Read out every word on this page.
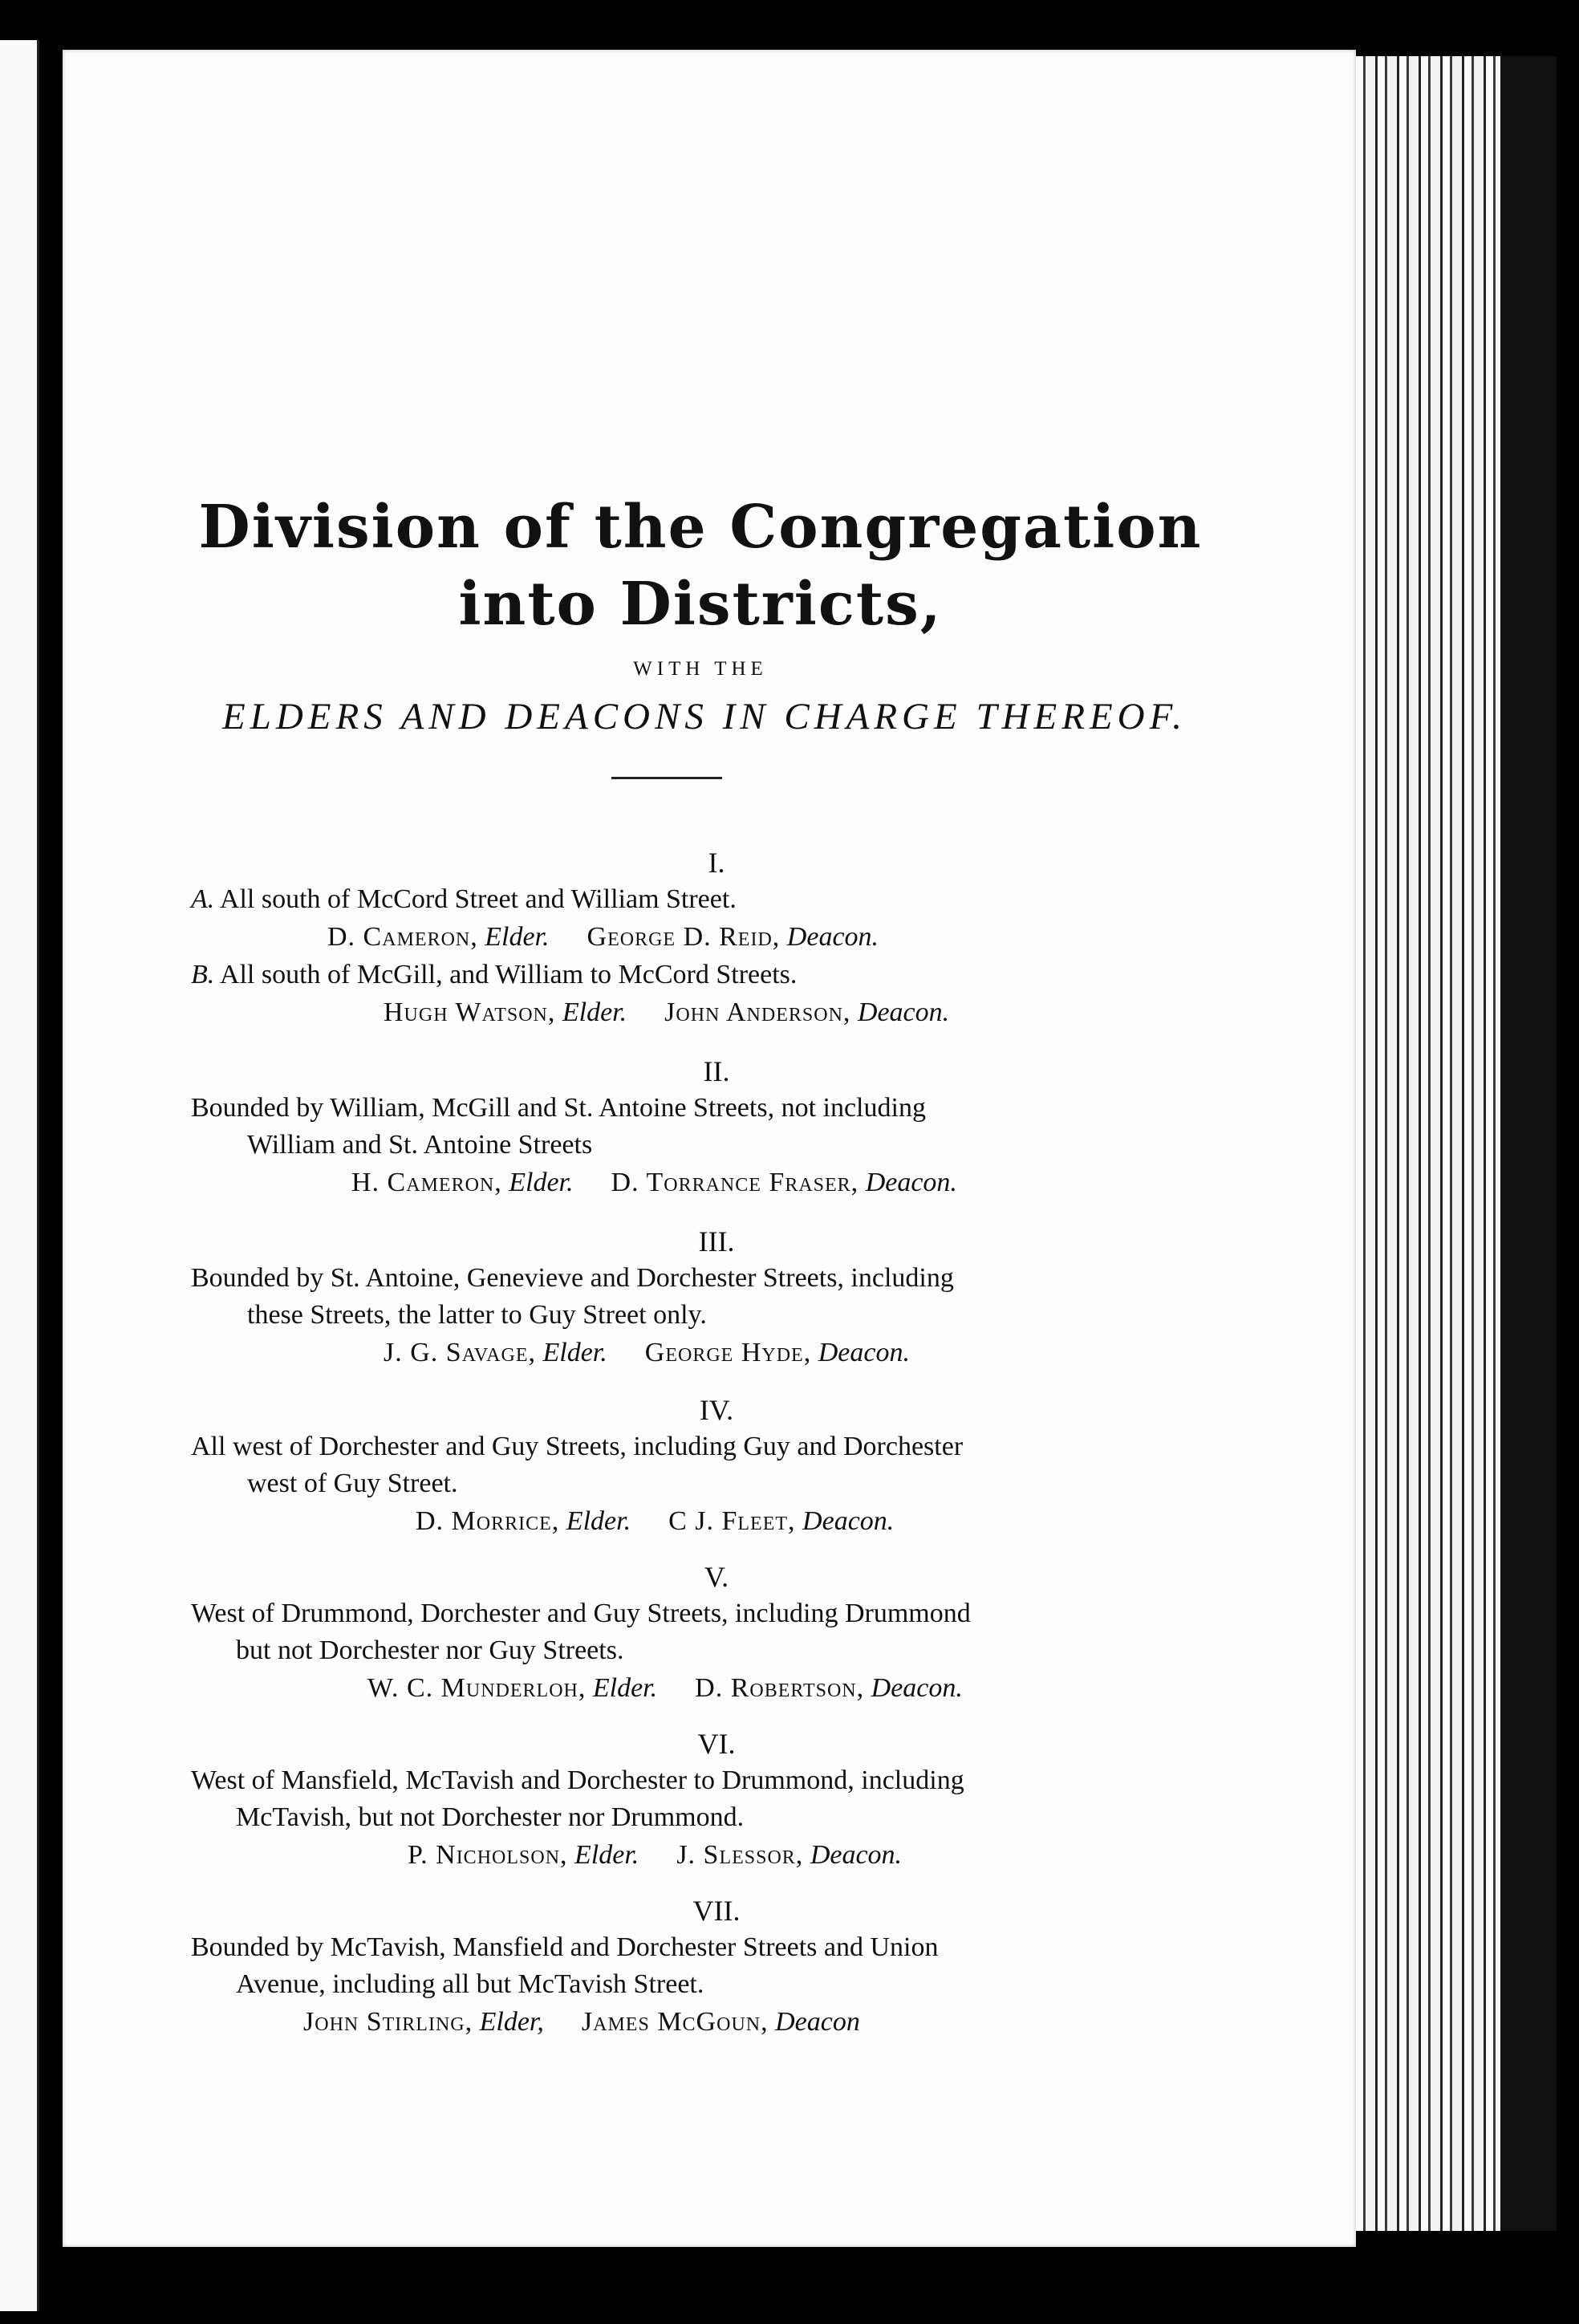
Division of the Congregation
into Districts,
WITH THE
ELDERS AND DEACONS IN CHARGE THEREOF.
I.
A. All south of McCord Street and William Street.
D. Cameron, Elder. George D. Reid, Deacon.
B. All south of McGill, and William to McCord Streets.
Hugh Watson, Elder. John Anderson, Deacon.
II.
Bounded by William, McGill and St. Antoine Streets, not including
William and St. Antoine Streets
H. Cameron, Elder. D. Torrance Fraser, Deacon.
III.
Bounded by St. Antoine, Genevieve and Dorchester Streets, including
these Streets, the latter to Guy Street only.
J. G. Savage, Elder. George Hyde, Deacon.
IV.
All west of Dorchester and Guy Streets, including Guy and Dorchester
west of Guy Street.
D. Morrice, Elder. C J. Fleet, Deacon.
V.
West of Drummond, Dorchester and Guy Streets, including Drummond
but not Dorchester nor Guy Streets.
W. C. Munderloh, Elder. D. Robertson, Deacon.
VI.
West of Mansfield, McTavish and Dorchester to Drummond, including
McTavish, but not Dorchester nor Drummond.
P. Nicholson, Elder. J. Slessor, Deacon.
VII.
Bounded by McTavish, Mansfield and Dorchester Streets and Union
Avenue, including all but McTavish Street.
John Stirling, Elder, James McGoun, Deacon
